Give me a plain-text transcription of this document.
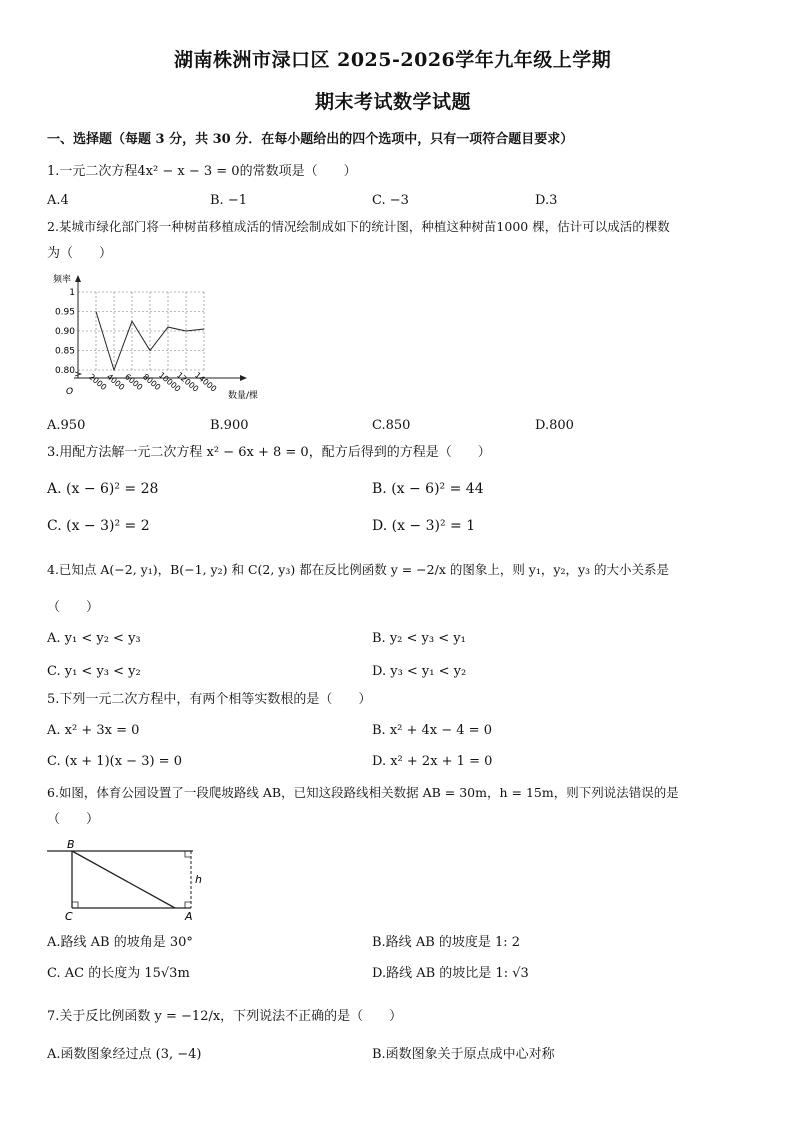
湖南株洲市渌口区 2025-2026学年九年级上学期
期末考试数学试题
一、选择题（每题 3 分，共 30 分．在每小题给出的四个选项中，只有一项符合题目要求）
1.一元二次方程4x² − x − 3 = 0的常数项是（　　）
A.4	B. −1	C. −3	D.3
2.某城市绿化部门将一种树苗移植成活的情况绘制成如下的统计图，种植这种树苗1000 棵，估计可以成活的棵数
为（　　）
1
0.95
0.90
0.85
0.80
2000
4000
6000
8000
10000
12000
14000
频率
数量/棵
O
A.950	B.900	C.850	D.800
3.用配方法解一元二次方程 x² − 6x + 8 = 0，配方后得到的方程是（　　）
A. (x − 6)² = 28	B. (x − 6)² = 44
C. (x − 3)² = 2	D. (x − 3)² = 1
4.已知点 A(−2, y₁)，B(−1, y₂) 和 C(2, y₃) 都在反比例函数 y = −2/x 的图象上，则 y₁，y₂，y₃ 的大小关系是
（　　）
A. y₁ < y₂ < y₃	B. y₂ < y₃ < y₁
C. y₁ < y₃ < y₂	D. y₃ < y₁ < y₂
5.下列一元二次方程中，有两个相等实数根的是（　　）
A. x² + 3x = 0	B. x² + 4x − 4 = 0
C. (x + 1)(x − 3) = 0	D. x² + 2x + 1 = 0
6.如图，体育公园设置了一段爬坡路线 AB，已知这段路线相关数据 AB = 30m，h = 15m，则下列说法错误的是
（　　）
B
C	A
h
A.路线 AB 的坡角是 30°	B.路线 AB 的坡度是 1: 2
C. AC 的长度为 15√3m	D.路线 AB 的坡比是 1: √3
7.关于反比例函数 y = −12/x，下列说法不正确的是（　　）
A.函数图象经过点 (3, −4)	B.函数图象关于原点成中心对称
